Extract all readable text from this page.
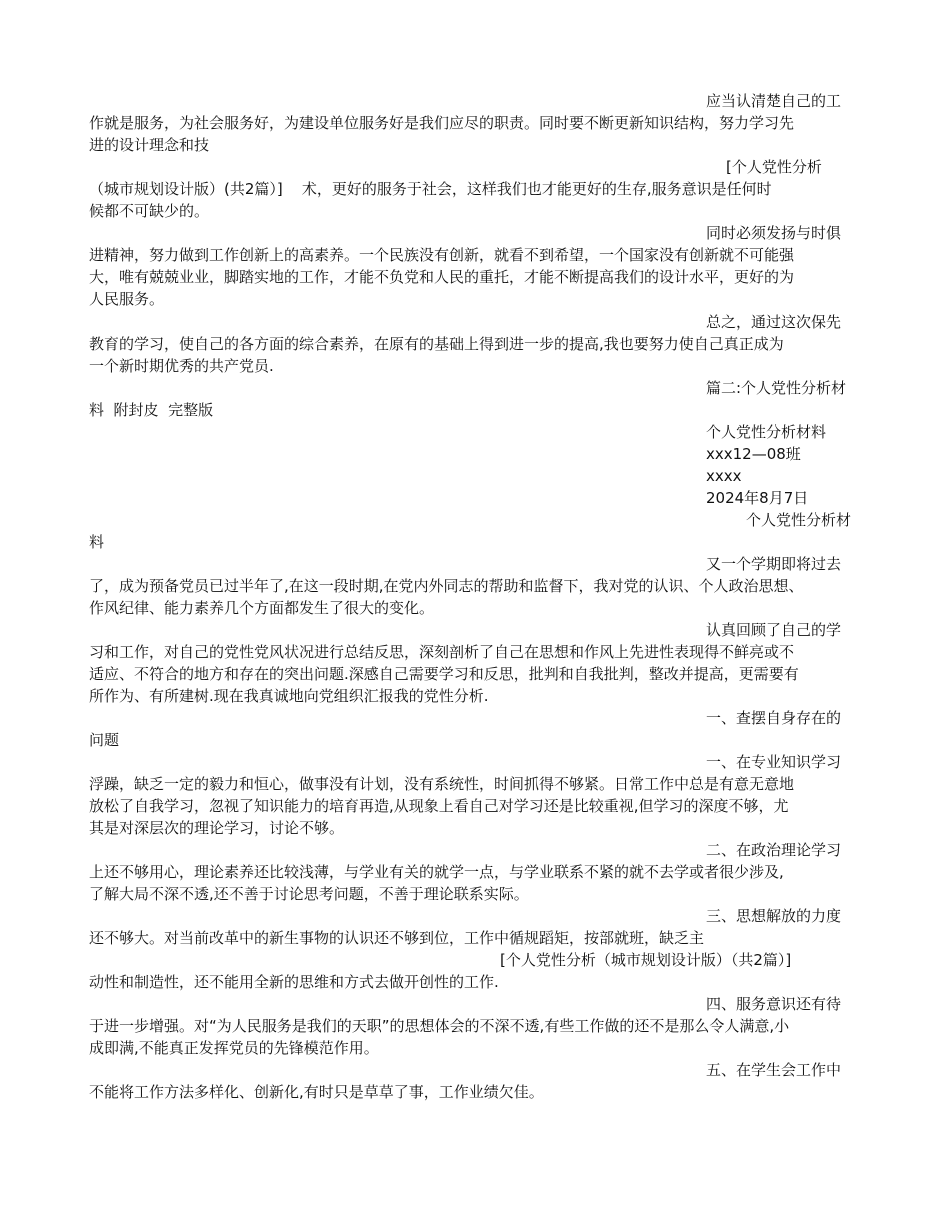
应当认清楚自己的工

作就是服务，为社会服务好，为建设单位服务好是我们应尽的职责。同时要不断更新知识结构，努力学习先

进的设计理念和技

[个人党性分析

（城市规划设计版）(共2篇）]    术，更好的服务于社会，这样我们也才能更好的生存,服务意识是任何时

候都不可缺少的。

同时必须发扬与时俱

进精神，努力做到工作创新上的高素养。一个民族没有创新，就看不到希望，一个国家没有创新就不可能强

大，唯有兢兢业业，脚踏实地的工作，才能不负党和人民的重托，才能不断提高我们的设计水平，更好的为

人民服务。

总之，通过这次保先

教育的学习，使自己的各方面的综合素养，在原有的基础上得到进一步的提高,我也要努力使自己真正成为

一个新时期优秀的共产党员.

篇二:个人党性分析材

料  附封皮  完整版

个人党性分析材料

xxx12—08班

xxxx

2024年8月7日

个人党性分析材

料

又一个学期即将过去

了，成为预备党员已过半年了,在这一段时期,在党内外同志的帮助和监督下，我对党的认识、个人政治思想、

作风纪律、能力素养几个方面都发生了很大的变化。

认真回顾了自己的学

习和工作，对自己的党性党风状况进行总结反思，深刻剖析了自己在思想和作风上先进性表现得不鲜亮或不

适应、不符合的地方和存在的突出问题.深感自己需要学习和反思，批判和自我批判，整改并提高，更需要有

所作为、有所建树.现在我真诚地向党组织汇报我的党性分析.

一、查摆自身存在的

问题

一、在专业知识学习

浮躁，缺乏一定的毅力和恒心，做事没有计划，没有系统性，时间抓得不够紧。日常工作中总是有意无意地

放松了自我学习，忽视了知识能力的培育再造,从现象上看自己对学习还是比较重视,但学习的深度不够，尤

其是对深层次的理论学习，讨论不够。

二、在政治理论学习

上还不够用心，理论素养还比较浅薄，与学业有关的就学一点，与学业联系不紧的就不去学或者很少涉及,

了解大局不深不透,还不善于讨论思考问题，不善于理论联系实际。

三、思想解放的力度

还不够大。对当前改革中的新生事物的认识还不够到位，工作中循规蹈矩，按部就班，缺乏主

[个人党性分析（城市规划设计版）（共2篇）]

动性和制造性，还不能用全新的思维和方式去做开创性的工作.

四、服务意识还有待

于进一步增强。对“为人民服务是我们的天职”的思想体会的不深不透,有些工作做的还不是那么令人满意,小

成即满,不能真正发挥党员的先锋模范作用。

五、在学生会工作中

不能将工作方法多样化、创新化,有时只是草草了事，工作业绩欠佳。
